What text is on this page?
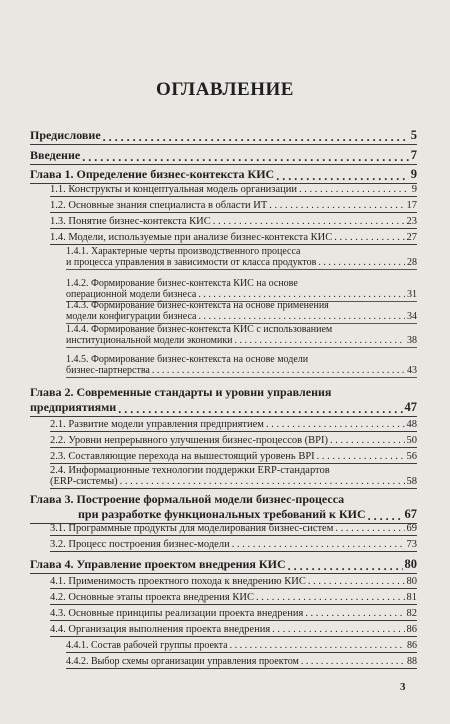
ОГЛАВЛЕНИЕ
Предисловие . . .	5
Введение . . .	7
Глава 1. Определение бизнес-контекста КИС . . .	9
1.1. Конструкты и концептуальная модель организации . . .	9
1.2. Основные знания специалиста в области ИТ . . .	17
1.3. Понятие бизнес-контекста КИС . . .	23
1.4. Модели, используемые при анализе бизнес-контекста КИС . . .	27
1.4.1. Характерные черты производственного процесса
и процесса управления в зависимости от класса продуктов . . .	28
1.4.2. Формирование бизнес-контекста КИС на основе
операционной модели бизнеса . . .	31
1.4.3. Формирование бизнес-контекста на основе применения
модели конфигурации бизнеса . . .	34
1.4.4. Формирование бизнес-контекста КИС с использованием
институциональной модели экономики . . .	38
1.4.5. Формирование бизнес-контекста на основе модели
бизнес-партнерства . . .	43
Глава 2. Современные стандарты и уровни управления
предприятиями . . .	47
2.1. Развитие модели управления предприятием . . .	48
2.2. Уровни непрерывного улучшения бизнес-процессов (BPI) . . .	50
2.3. Составляющие перехода на вышестоящий уровень BPI . . .	56
2.4. Информационные технологии поддержки ERP-стандартов
(ERP-системы) . . .	58
Глава 3. Построение формальной модели бизнес-процесса
при разработке функциональных требований к КИС . . .	67
3.1. Программные продукты для моделирования бизнес-систем . . .	69
3.2. Процесс построения бизнес-модели . . .	73
Глава 4. Управление проектом внедрения КИС . . .	80
4.1. Применимость проектного похода к внедрению КИС . . .	80
4.2. Основные этапы проекта внедрения КИС . . .	81
4.3. Основные принципы реализации проекта внедрения . . .	82
4.4. Организация выполнения проекта внедрения . . .	86
4.4.1. Состав рабочей группы проекта . . .	86
4.4.2. Выбор схемы организации управления проектом . . .	88
3
